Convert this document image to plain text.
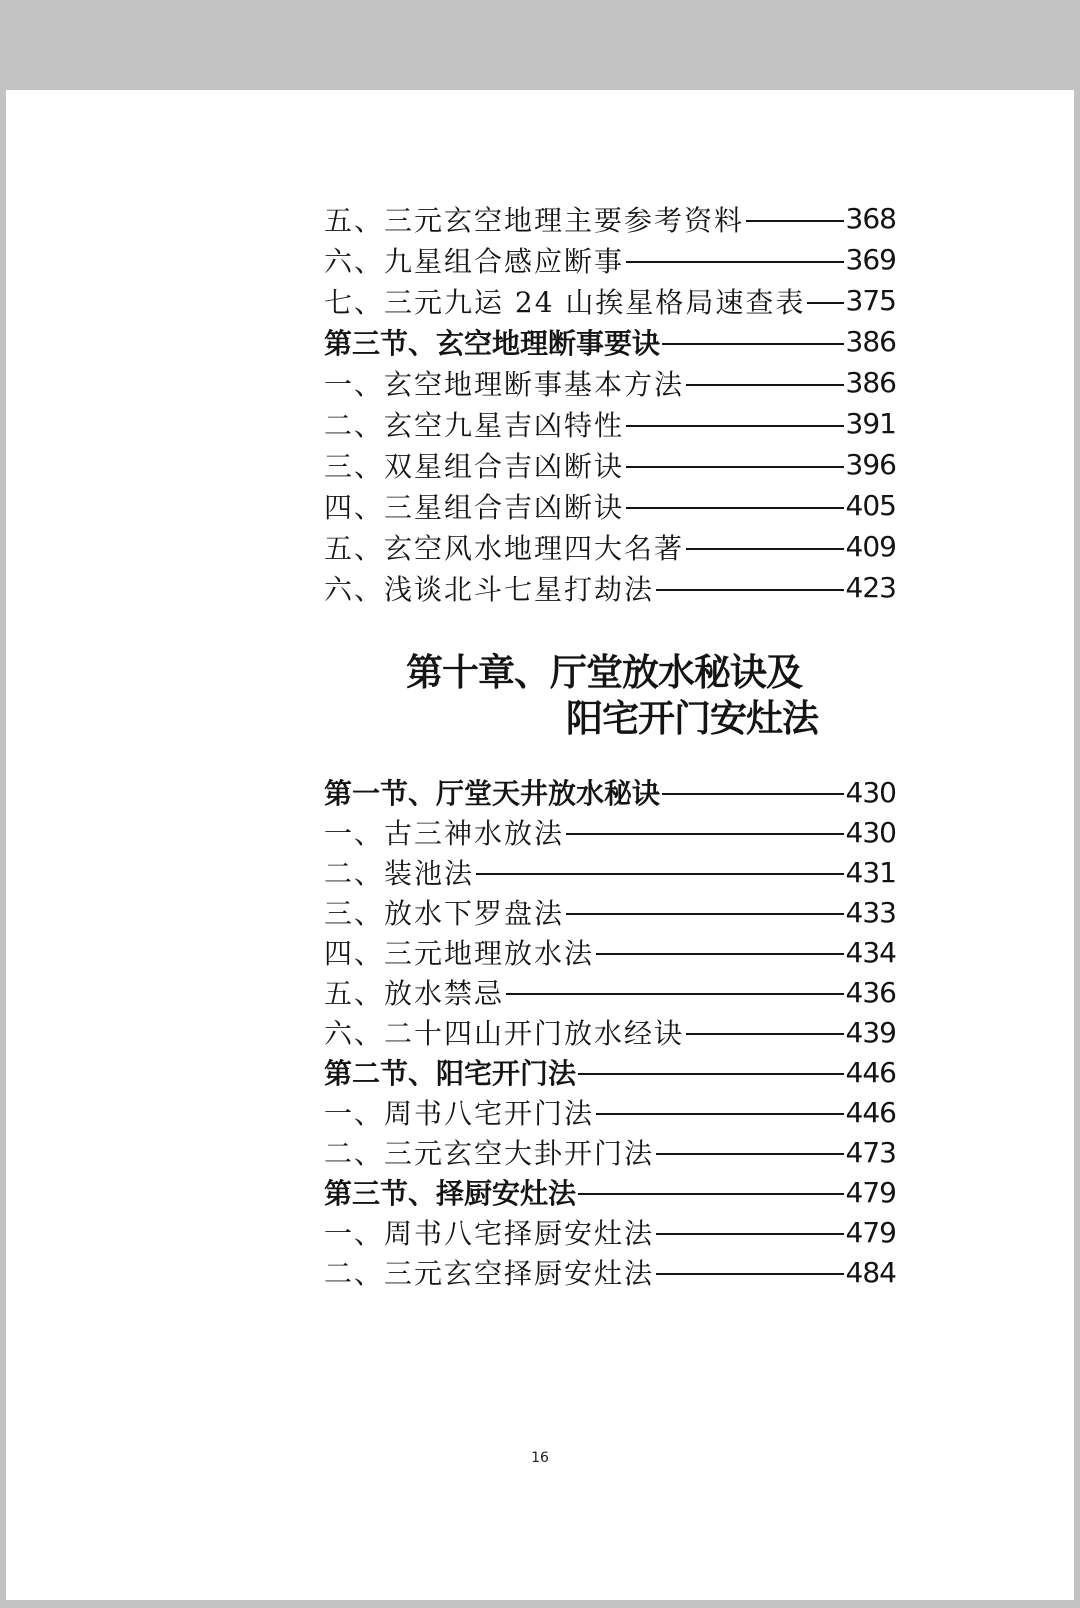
五、三元玄空地理主要参考资料	368
六、九星组合感应断事	369
七、三元九运 24 山挨星格局速查表 375
第三节、玄空地理断事要诀	386
一、玄空地理断事基本方法	386
二、玄空九星吉凶特性	391
三、双星组合吉凶断诀	396
四、三星组合吉凶断诀	405
五、玄空风水地理四大名著	409
六、浅谈北斗七星打劫法	423
第十章、厅堂放水秘诀及
阳宅开门安灶法
第一节、厅堂天井放水秘诀	430
一、古三神水放法	430
二、装池法	431
三、放水下罗盘法	433
四、三元地理放水法	434
五、放水禁忌	436
六、二十四山开门放水经诀	439
第二节、阳宅开门法	446
一、周书八宅开门法	446
二、三元玄空大卦开门法	473
第三节、择厨安灶法	479
一、周书八宅择厨安灶法	479
二、三元玄空择厨安灶法	484
16
